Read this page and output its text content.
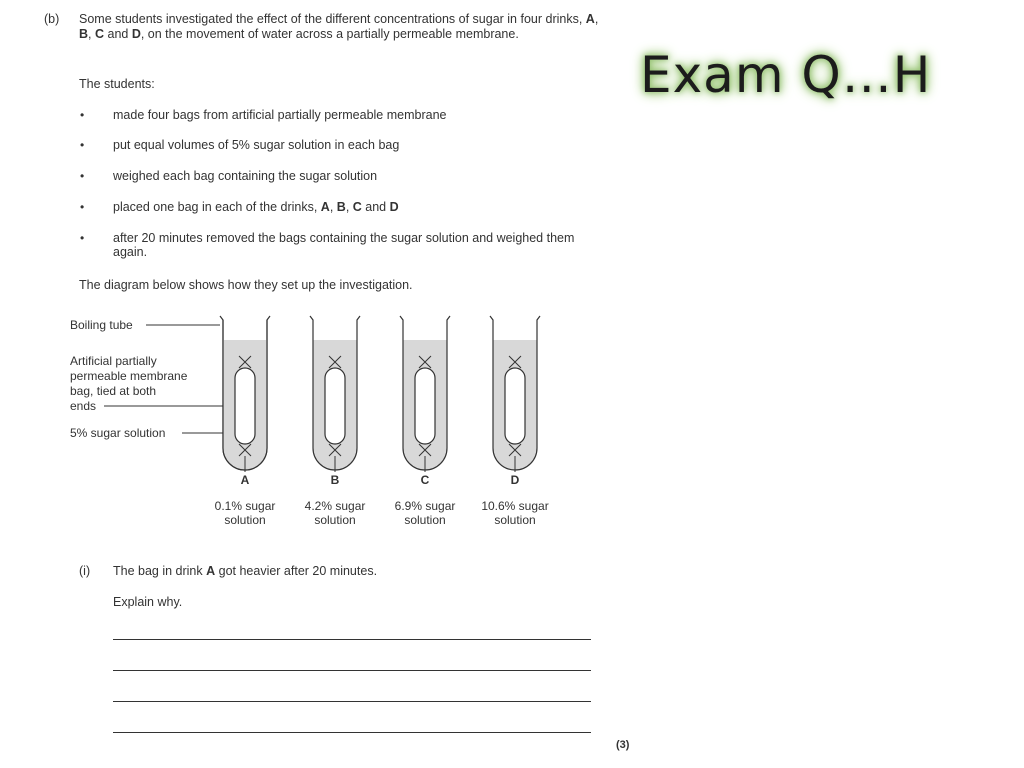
Exam Q…H
(b) Some students investigated the effect of the different concentrations of sugar in four drinks, A, B, C and D, on the movement of water across a partially permeable membrane.
The students:
• made four bags from artificial partially permeable membrane
• put equal volumes of 5% sugar solution in each bag
• weighed each bag containing the sugar solution
• placed one bag in each of the drinks, A, B, C and D
• after 20 minutes removed the bags containing the sugar solution and weighed them again.
The diagram below shows how they set up the investigation.
Boiling tube
Artificial partially
permeable membrane
bag, tied at both
ends
5% sugar solution
A
0.1% sugar
solution
B
4.2% sugar
solution
C
6.9% sugar
solution
D
10.6% sugar
solution
(i) The bag in drink A got heavier after 20 minutes.
Explain why.
(3)
